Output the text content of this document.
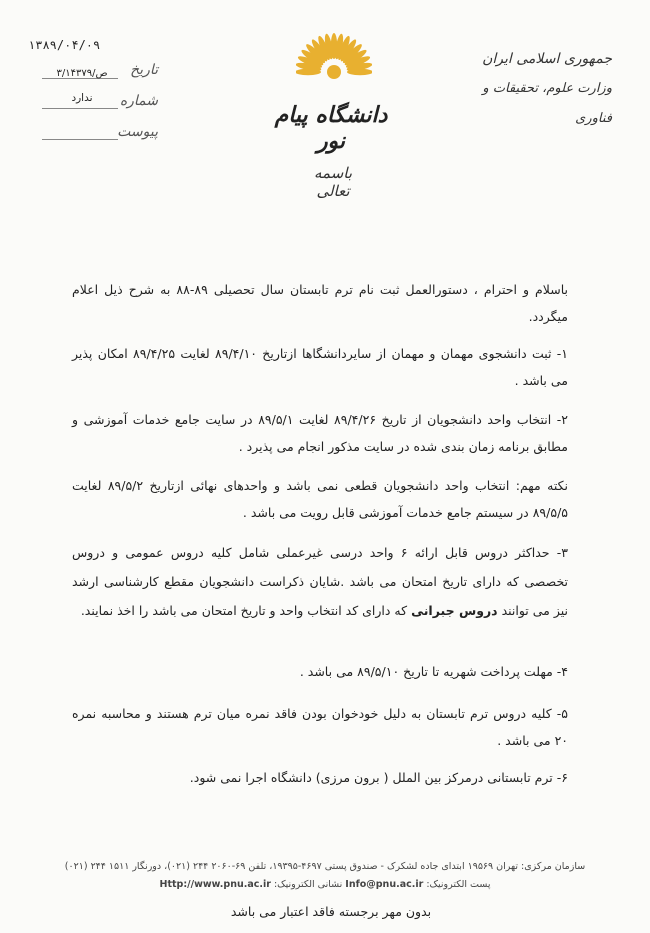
جمهوری اسلامی ایران
وزارت علوم، تحقیقات و فناوری
دانشگاه پیام نور
باسمه تعالی
۱۳۸۹/۰۴/۰۹
تاریخ
۳/۱۴۳۷۹/ص
شماره
ندارد
پیوست
باسلام و احترام ، دستورالعمل ثبت نام ترم تابستان سال تحصیلی ۸۹-۸۸ به شرح ذیل اعلام میگردد.
۱- ثبت دانشجوی مهمان و مهمان از سایردانشگاها ازتاریخ ۸۹/۴/۱۰ لغایت ۸۹/۴/۲۵ امکان پذیر می باشد .
۲- انتخاب واحد دانشجویان از تاریخ ۸۹/۴/۲۶ لغایت ۸۹/۵/۱ در سایت جامع خدمات آموزشی و مطابق برنامه زمان بندی شده در سایت مذکور انجام می پذیرد .
نکته مهم: انتخاب واحد دانشجویان قطعی نمی باشد و واحدهای نهائی ازتاریخ ۸۹/۵/۲ لغایت ۸۹/۵/۵ در سیستم جامع خدمات آموزشی قابل رویت می باشد .
۳- حداکثر دروس قابل ارائه ۶ واحد درسی غیرعملی شامل کلیه دروس عمومی و دروس تخصصی که دارای تاریخ امتحان می باشد .شایان ذکراست دانشجویان مقطع کارشناسی ارشد نیز می توانند دروس جبرانی که دارای کد انتخاب واحد و تاریخ امتحان می باشد را اخذ نمایند.
۴- مهلت پرداخت شهریه تا تاریخ ۸۹/۵/۱۰ می باشد .
۵- کلیه دروس ترم تابستان به دلیل خودخوان بودن فاقد نمره میان ترم هستند و محاسبه نمره ۲۰ می باشد .
۶- ترم تابستانی درمرکز بین الملل ( برون مرزی) دانشگاه اجرا نمی شود.
سازمان مرکزی: تهران ۱۹۵۶۹ ابتدای جاده لشکرک - صندوق پستی ۴۶۹۷-۱۹۳۹۵، تلفن ۶۹-۲۰۶۰ ۲۴۴ (۰۲۱)، دورنگار ۱۵۱۱ ۲۴۴ (۰۲۱)
پست الکترونیک: Info@pnu.ac.ir نشانی الکترونیک: Http://www.pnu.ac.ir
بدون مهر برجسته فاقد اعتبار می باشد
